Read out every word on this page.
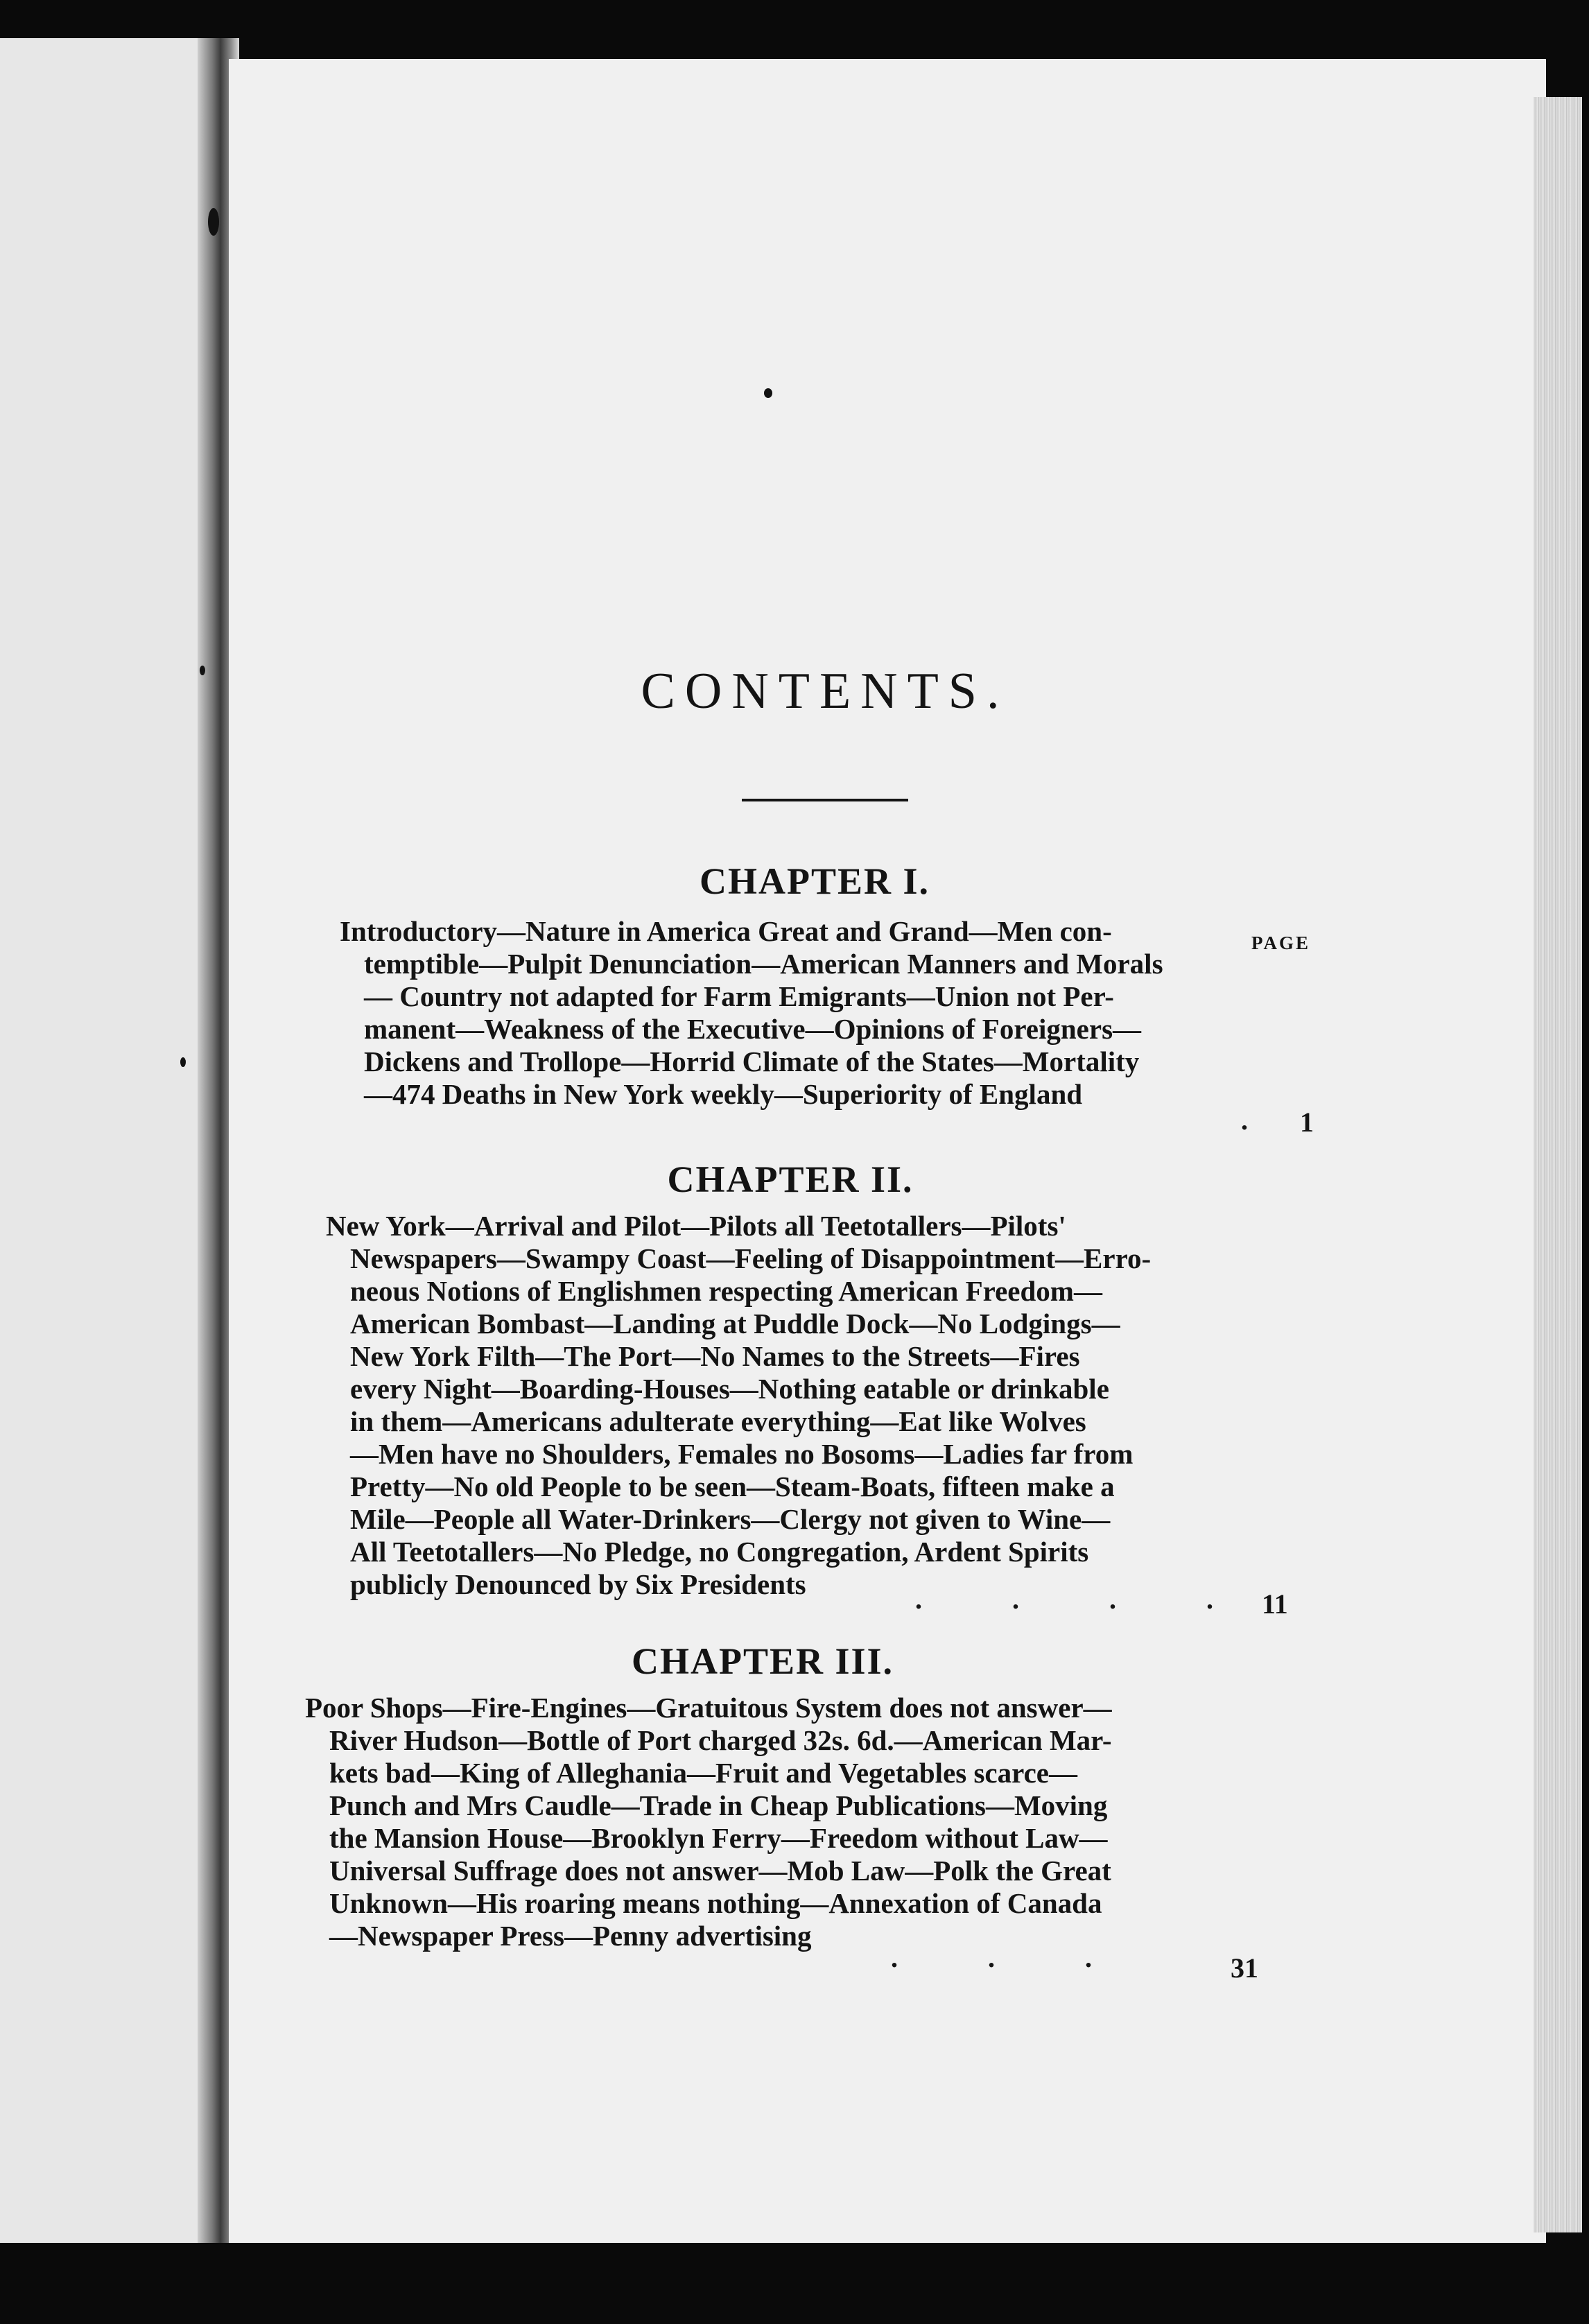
CONTENTS.
PAGE
CHAPTER I.
Introductory—Nature in America Great and Grand—Men con-
temptible—Pulpit Denunciation—American Manners and Morals
— Country not adapted for Farm Emigrants—Union not Per-
manent—Weakness of the Executive—Opinions of Foreigners—
Dickens and Trollope—Horrid Climate of the States—Mortality
—474 Deaths in New York weekly—Superiority of England
. 1
CHAPTER II.
New York—Arrival and Pilot—Pilots all Teetotallers—Pilots'
Newspapers—Swampy Coast—Feeling of Disappointment—Erro-
neous Notions of Englishmen respecting American Freedom—
American Bombast—Landing at Puddle Dock—No Lodgings—
New York Filth—The Port—No Names to the Streets—Fires
every Night—Boarding-Houses—Nothing eatable or drinkable
in them—Americans adulterate everything—Eat like Wolves
—Men have no Shoulders, Females no Bosoms—Ladies far from
Pretty—No old People to be seen—Steam-Boats, fifteen make a
Mile—People all Water-Drinkers—Clergy not given to Wine—
All Teetotallers—No Pledge, no Congregation, Ardent Spirits
publicly Denounced by Six Presidents	. . . . 11
CHAPTER III.
Poor Shops—Fire-Engines—Gratuitous System does not answer—
River Hudson—Bottle of Port charged 32s. 6d.—American Mar-
kets bad—King of Alleghania—Fruit and Vegetables scarce—
Punch and Mrs Caudle—Trade in Cheap Publications—Moving
the Mansion House—Brooklyn Ferry—Freedom without Law—
Universal Suffrage does not answer—Mob Law—Polk the Great
Unknown—His roaring means nothing—Annexation of Canada
—Newspaper Press—Penny advertising
. . .	31
